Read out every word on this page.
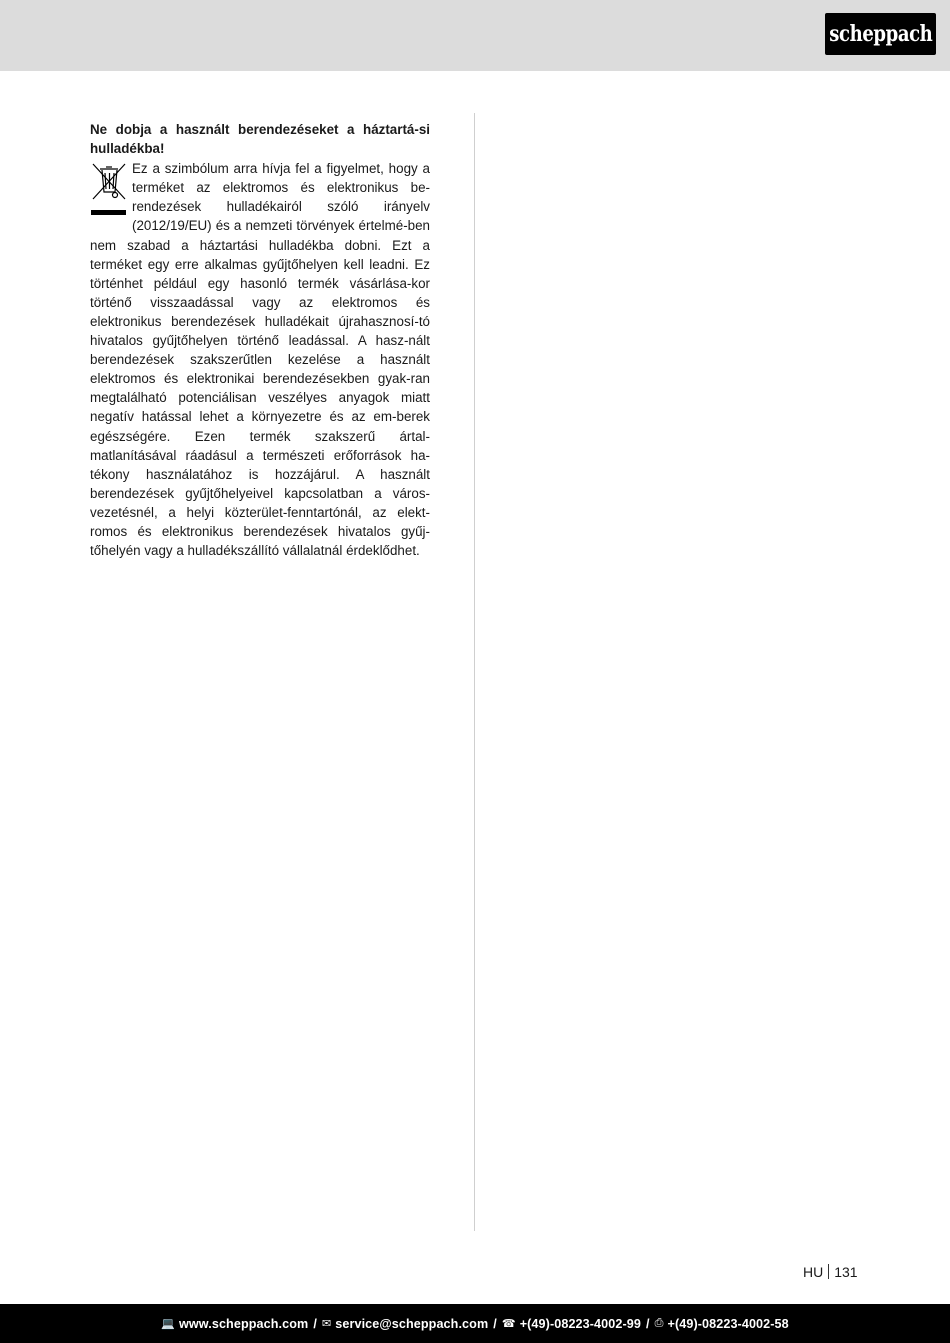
scheppach

Ne dobja a használt berendezéseket a háztartá-si hulladékba!

Ez a szimbólum arra hívja fel a figyelmet, hogy a terméket az elektromos és elektronikus be-rendezések hulladékairól szóló irányelv (2012/19/EU) és a nemzeti törvények értelmé-ben nem szabad a háztartási hulladékba dobni. Ezt a terméket egy erre alkalmas gyűjtőhelyen kell leadni. Ez történhet például egy hasonló termék vásárlása-kor történő visszaadással vagy az elektromos és elektronikus berendezések hulladékait újrahasznosí-tó hivatalos gyűjtőhelyen történő leadással. A hasz-nált berendezések szakszerűtlen kezelése a használt elektromos és elektronikai berendezésekben gyak-ran megtalálható potenciálisan veszélyes anyagok miatt negatív hatással lehet a környezetre és az em-berek egészségére. Ezen termék szakszerű ártal-matlanításával ráadásul a természeti erőforrások ha-tékony használatához is hozzájárul. A használt berendezések gyűjtőhelyeivel kapcsolatban a város-vezetésnél, a helyi közterület-fenntartónál, az elekt-romos és elektronikus berendezések hivatalos gyűj-tőhelyén vagy a hulladékszállító vállalatnál érdeklődhet.

HU 131
💻 www.scheppach.com / ✉ service@scheppach.com / ☎ +(49)-08223-4002-99 / ⎙ +(49)-08223-4002-58
